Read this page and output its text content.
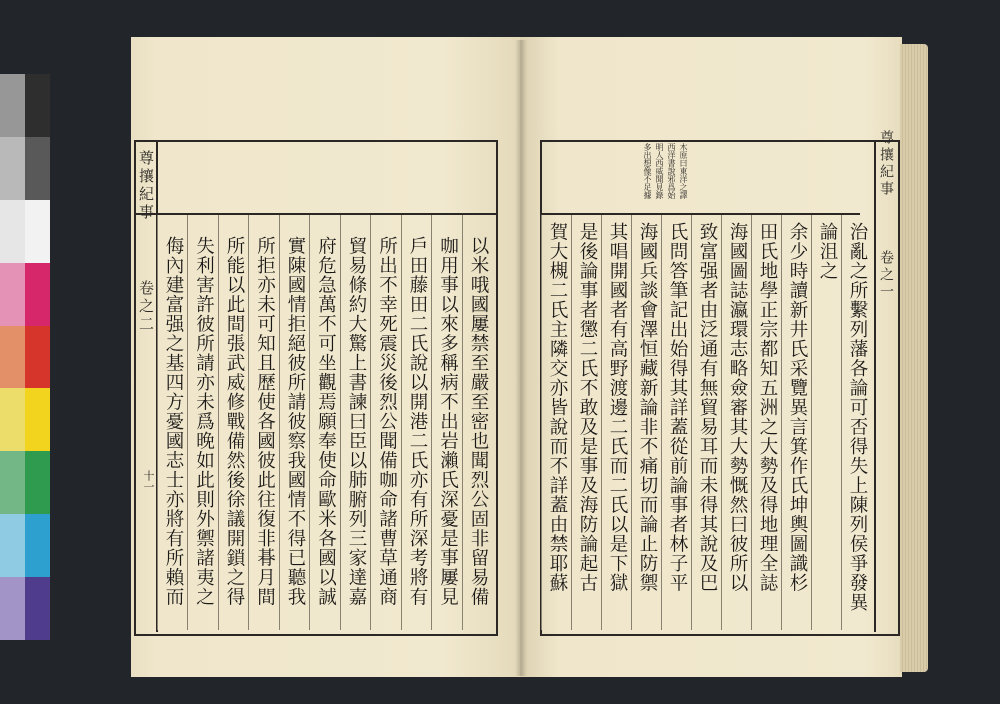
尊攘紀事
卷之二
十一	以米哦國屢禁至嚴至密也聞烈公固非留易備
咖用事以來多稱病不出岩瀨氏深憂是事屢見
戶田藤田二氏說以開港二氏亦有所深考將有
所出不幸死震災後烈公聞備咖命諸曹草通商
貿易條約大驚上書諫曰臣以肺腑列三家達嘉
府危急萬不可坐觀焉願奉使命歐米各國以誠
實陳國情拒絕彼所請彼察我國情不得已聽我
所拒亦未可知且歷使各國彼此往復非朞月間
所能以此間張武威修戰備然後徐議開鎖之得
失利害許彼所請亦未爲晚如此則外禦諸夷之
侮內建富强之基四方憂國志士亦將有所賴而
尊攘紀事
卷之一
木原曰東洋之譯
西洋書說邪爲始
明人西威聞見錄
多出想像不足據
治亂之所繫列藩各論可否得失上陳列侯爭發異
論沮之
余少時讀新井氏采覽異言箕作氏坤輿圖識杉
田氏地學正宗都知五洲之大勢及得地理全誌
海國圖誌瀛環志略僉審其大勢慨然曰彼所以
致富强者由泛通有無貿易耳而未得其說及巴
氏問答筆記出始得其詳蓋從前論事者林子平
海國兵談會澤恒藏新論非不痛切而論止防禦
其唱開國者有高野渡邊二氏而二氏以是下獄
是後論事者懲二氏不敢及是事及海防論起古
賀大槻二氏主隣交亦皆說而不詳蓋由禁耶蘇
